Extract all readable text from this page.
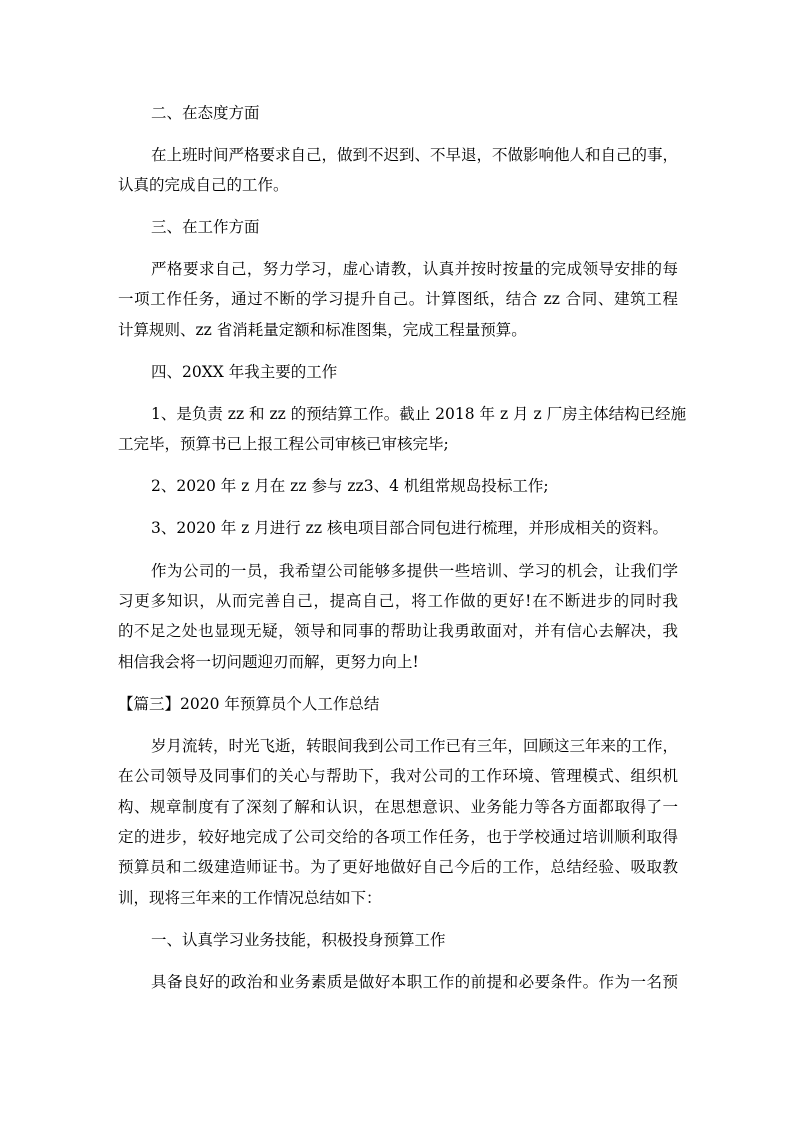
二、在态度方面
在上班时间严格要求自己，做到不迟到、不早退，不做影响他人和自己的事，
认真的完成自己的工作。
三、在工作方面
严格要求自己，努力学习，虚心请教，认真并按时按量的完成领导安排的每
一项工作任务，通过不断的学习提升自己。计算图纸，结合 zz 合同、建筑工程
计算规则、zz 省消耗量定额和标准图集，完成工程量预算。
四、20XX 年我主要的工作
1、是负责 zz 和 zz 的预结算工作。截止 2018 年 z 月 z 厂房主体结构已经施
工完毕，预算书已上报工程公司审核已审核完毕;
2、2020 年 z 月在 zz 参与 zz3、4 机组常规岛投标工作;
3、2020 年 z 月进行 zz 核电项目部合同包进行梳理，并形成相关的资料。
作为公司的一员，我希望公司能够多提供一些培训、学习的机会，让我们学
习更多知识，从而完善自己，提高自己，将工作做的更好!在不断进步的同时我
的不足之处也显现无疑，领导和同事的帮助让我勇敢面对，并有信心去解决，我
相信我会将一切问题迎刃而解，更努力向上!
【篇三】2020 年预算员个人工作总结
岁月流转，时光飞逝，转眼间我到公司工作已有三年，回顾这三年来的工作，
在公司领导及同事们的关心与帮助下，我对公司的工作环境、管理模式、组织机
构、规章制度有了深刻了解和认识，在思想意识、业务能力等各方面都取得了一
定的进步，较好地完成了公司交给的各项工作任务，也于学校通过培训顺利取得
预算员和二级建造师证书。为了更好地做好自己今后的工作，总结经验、吸取教
训，现将三年来的工作情况总结如下：
一、认真学习业务技能，积极投身预算工作
具备良好的政治和业务素质是做好本职工作的前提和必要条件。作为一名预
